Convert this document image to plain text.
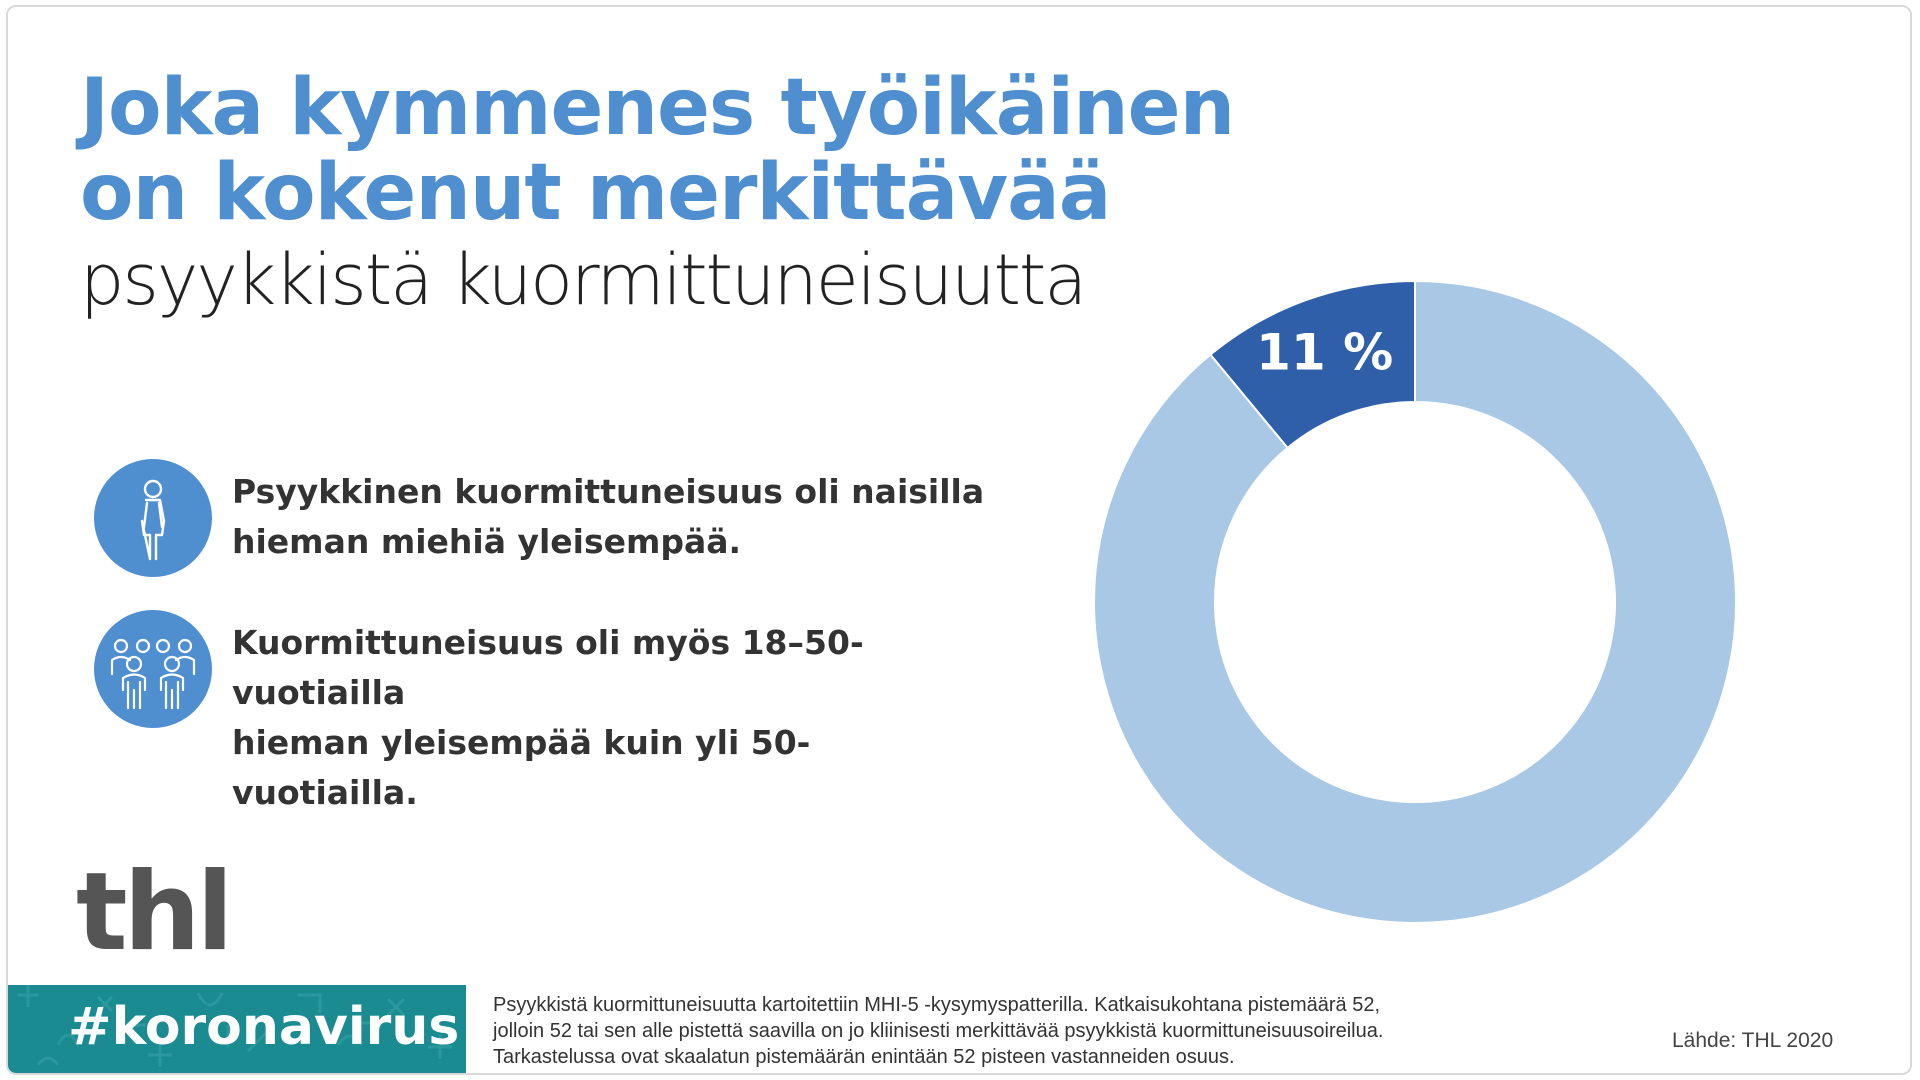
Joka kymmenes työikäinen
on kokenut merkittävää
psyykkistä kuormittuneisuutta
Psyykkinen kuormittuneisuus oli naisilla
hieman miehiä yleisempää.
Kuormittuneisuus oli myös 18–50-vuotiailla
hieman yleisempää kuin yli 50-vuotiailla.
thl
11 %
#koronavirus Psyykkistä kuormittuneisuutta kartoitettiin MHI-5 -kysymyspatterilla. Katkaisukohtana pistemäärä 52,
jolloin 52 tai sen alle pistettä saavilla on jo kliinisesti merkittävää psyykkistä kuormittuneisuusoireilua.
Tarkastelussa ovat skaalatun pistemäärän enintään 52 pisteen vastanneiden osuus.
Lähde: THL 2020
